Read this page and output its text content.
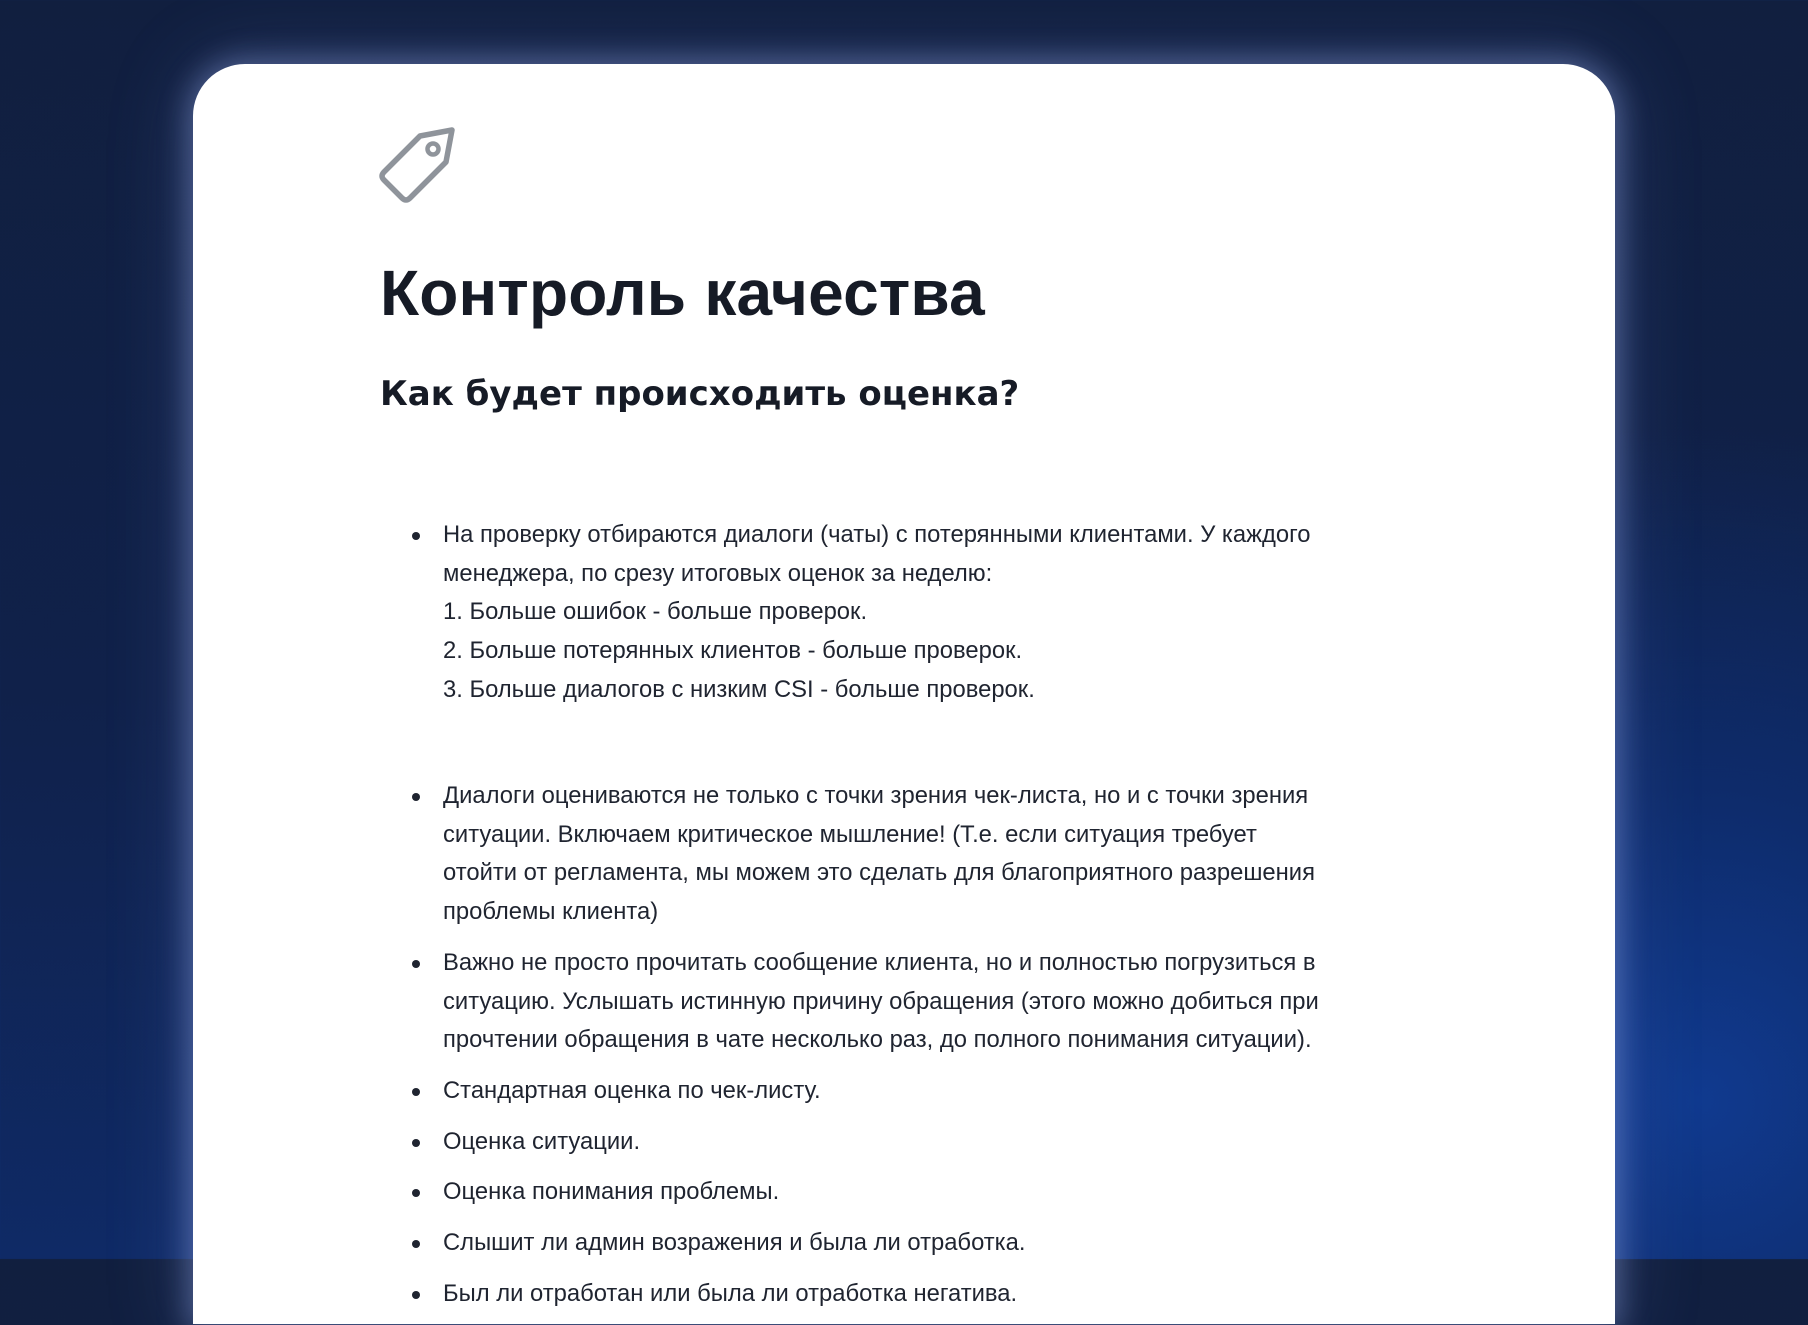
Контроль качества
Как будет происходить оценка?
На проверку отбираются диалоги (чаты) с потерянными клиентами. У каждого
менеджера, по срезу итоговых оценок за неделю:
1. Больше ошибок - больше проверок.
2. Больше потерянных клиентов - больше проверок.
3. Больше диалогов с низким CSI - больше проверок.
Диалоги оцениваются не только с точки зрения чек-листа, но и с точки зрения
ситуации. Включаем критическое мышление! (Т.е. если ситуация требует
отойти от регламента, мы можем это сделать для благоприятного разрешения
проблемы клиента)
Важно не просто прочитать сообщение клиента, но и полностью погрузиться в
ситуацию. Услышать истинную причину обращения (этого можно добиться при
прочтении обращения в чате несколько раз, до полного понимания ситуации).
Стандартная оценка по чек-листу.
Оценка ситуации.
Оценка понимания проблемы.
Слышит ли админ возражения и была ли отработка.
Был ли отработан или была ли отработка негатива.
